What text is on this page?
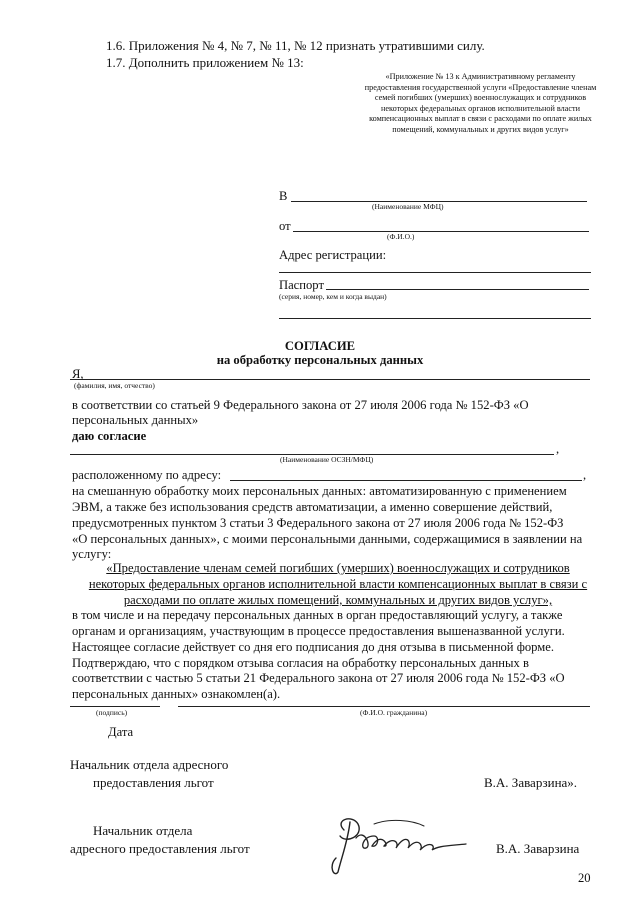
1.6. Приложения № 4, № 7, № 11, № 12 признать утратившими силу.
1.7. Дополнить приложением № 13:
«Приложение № 13 к Административному регламенту предоставления государственной услуги «Предоставление членам семей погибших (умерших) военнослужащих и сотрудников некоторых федеральных органов исполнительной власти компенсационных выплат в связи с расходами по оплате жилых помещений, коммунальных и других видов услуг»
В
(Наименование МФЦ)
от
(Ф.И.О.)
Адрес регистрации:
Паспорт
(серия, номер, кем и когда выдан)
СОГЛАСИЕ
на обработку персональных данных
Я,
(фамилия, имя, отчество)
в соответствии со статьей 9 Федерального закона от 27 июля 2006 года № 152-ФЗ «О
персональных данных»
даю согласие
,
(Наименование ОСЗН/МФЦ)
расположенному по адресу:	,
на смешанную обработку моих персональных данных: автоматизированную с применением
ЭВМ, а также без использования средств автоматизации, а именно совершение действий,
предусмотренных пунктом 3 статьи 3 Федерального закона от 27 июля 2006 года № 152-ФЗ
«О персональных данных», с моими персональными данными, содержащимися в заявлении на
услугу:
«Предоставление членам семей погибших (умерших) военнослужащих и сотрудников
некоторых федеральных органов исполнительной власти компенсационных выплат в связи с
расходами по оплате жилых помещений, коммунальных и других видов услуг»,
в том числе и на передачу персональных данных в орган предоставляющий услугу, а также
органам и организациям, участвующим в процессе предоставления вышеназванной услуги.
Настоящее согласие действует со дня его подписания до дня отзыва в письменной форме.
Подтверждаю, что с порядком отзыва согласия на обработку персональных данных в
соответствии с частью 5 статьи 21 Федерального закона от 27 июля 2006 года № 152-ФЗ «О
персональных данных» ознакомлен(а).
(подпись)	(Ф.И.О. гражданина)
Дата
Начальник отдела адресного
предоставления льгот	В.А. Заварзина».
Начальник отдела
адресного предоставления льгот	В.А. Заварзина
20
